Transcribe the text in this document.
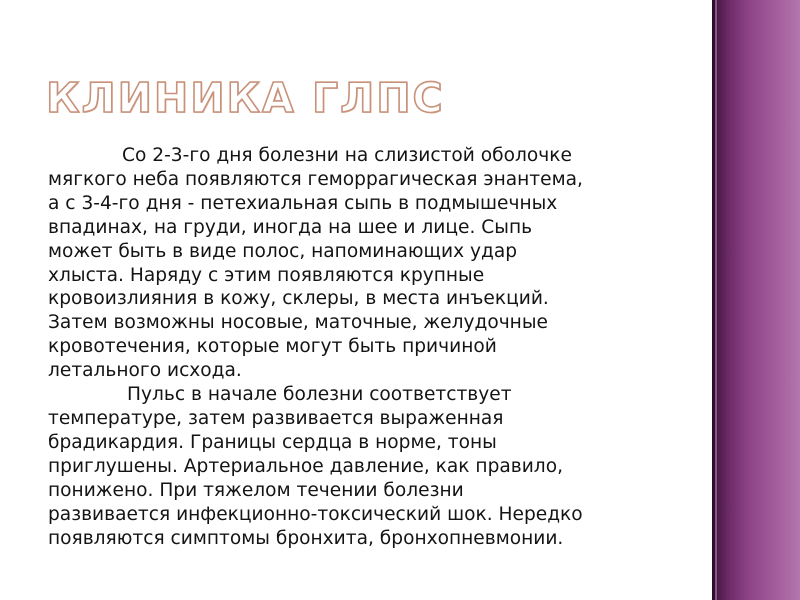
КЛИНИКА ГЛПС

Со 2-3-го дня болезни на слизистой оболочке
мягкого неба появляются геморрагическая энантема,
а с 3-4-го дня - петехиальная сыпь в подмышечных
впадинах, на груди, иногда на шее и лице. Сыпь
может быть в виде полос, напоминающих удар
хлыста. Наряду с этим появляются крупные
кровоизлияния в кожу, склеры, в места инъекций.
Затем возможны носовые, маточные, желудочные
кровотечения, которые могут быть причиной
летального исхода.

Пульс в начале болезни соответствует
температуре, затем развивается выраженная
брадикардия. Границы сердца в норме, тоны
приглушены. Артериальное давление, как правило,
понижено. При тяжелом течении болезни
развивается инфекционно-токсический шок. Нередко
появляются симптомы бронхита, бронхопневмонии.
